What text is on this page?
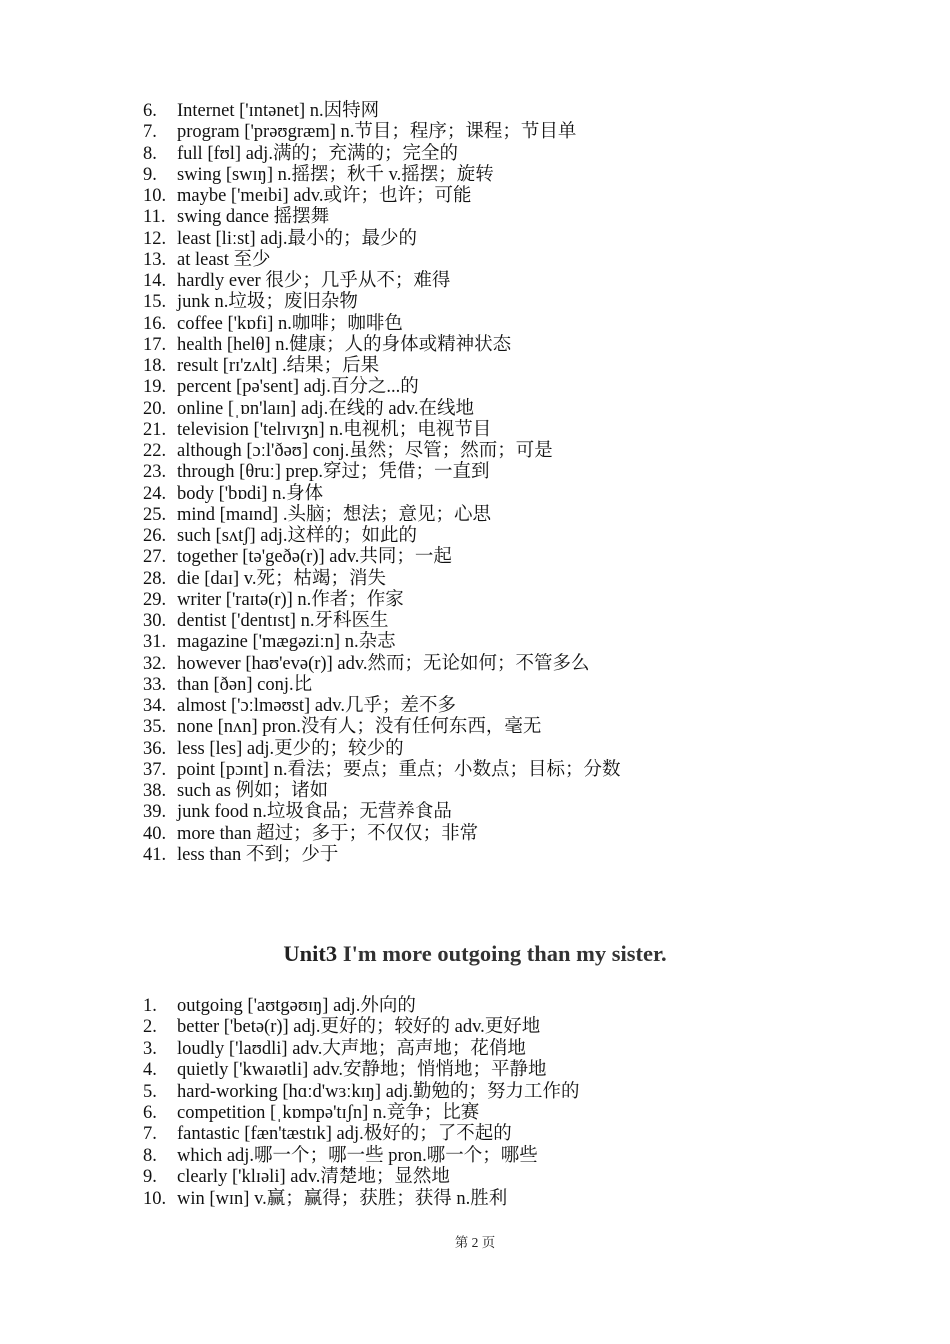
6.	Internet ['ɪntənet] n.因特网
7.	program ['prəʊgræm] n.节目；程序；课程；节目单
8.	full [fʊl] adj.满的；充满的；完全的
9.	swing [swɪŋ] n.摇摆；秋千 v.摇摆；旋转
10. maybe ['meɪbi] adv.或许；也许；可能
11. swing dance 摇摆舞
12. least [liːst] adj.最小的；最少的
13. at least 至少
14. hardly ever 很少；几乎从不；难得
15. junk n.垃圾；废旧杂物
16. coffee ['kɒfi] n.咖啡；咖啡色
17. health [helθ] n.健康；人的身体或精神状态
18. result [rɪ'zʌlt] .结果；后果
19. percent [pə'sent] adj.百分之...的
20. online [ˌɒn'laɪn] adj.在线的 adv.在线地
21. television ['telɪvɪʒn] n.电视机；电视节目
22. although [ɔːl'ðəʊ] conj.虽然；尽管；然而；可是
23. through [θruː] prep.穿过；凭借；一直到
24. body ['bɒdi] n.身体
25. mind [maɪnd] .头脑；想法；意见；心思
26. such [sʌtʃ] adj.这样的；如此的
27. together [tə'geðə(r)] adv.共同；一起
28. die [daɪ] v.死；枯竭；消失
29. writer ['raɪtə(r)] n.作者；作家
30. dentist ['dentɪst] n.牙科医生
31. magazine ['mægəziːn] n.杂志
32. however [haʊ'evə(r)] adv.然而；无论如何；不管多么
33. than [ðən] conj.比
34. almost ['ɔːlməʊst] adv.几乎；差不多
35. none [nʌn] pron.没有人；没有任何东西，毫无
36. less [les] adj.更少的；较少的
37. point [pɔɪnt] n.看法；要点；重点；小数点；目标；分数
38. such as 例如；诸如
39. junk food n.垃圾食品；无营养食品
40. more than 超过；多于；不仅仅；非常
41. less than 不到；少于
Unit3 I'm more outgoing than my sister.
1.	outgoing ['aʊtgəʊɪŋ] adj.外向的
2.	better ['betə(r)] adj.更好的；较好的 adv.更好地
3.	loudly ['laʊdli] adv.大声地；高声地；花俏地
4.	quietly ['kwaɪətli] adv.安静地；悄悄地；平静地
5.	hard-working [hɑːd'wɜːkɪŋ] adj.勤勉的；努力工作的
6.	competition [ˌkɒmpə'tɪʃn] n.竞争；比赛
7.	fantastic [fæn'tæstɪk] adj.极好的；了不起的
8.	which adj.哪一个；哪一些 pron.哪一个；哪些
9.	clearly ['klɪəli] adv.清楚地；显然地
10. win [wɪn] v.赢；赢得；获胜；获得 n.胜利
第 2 页
